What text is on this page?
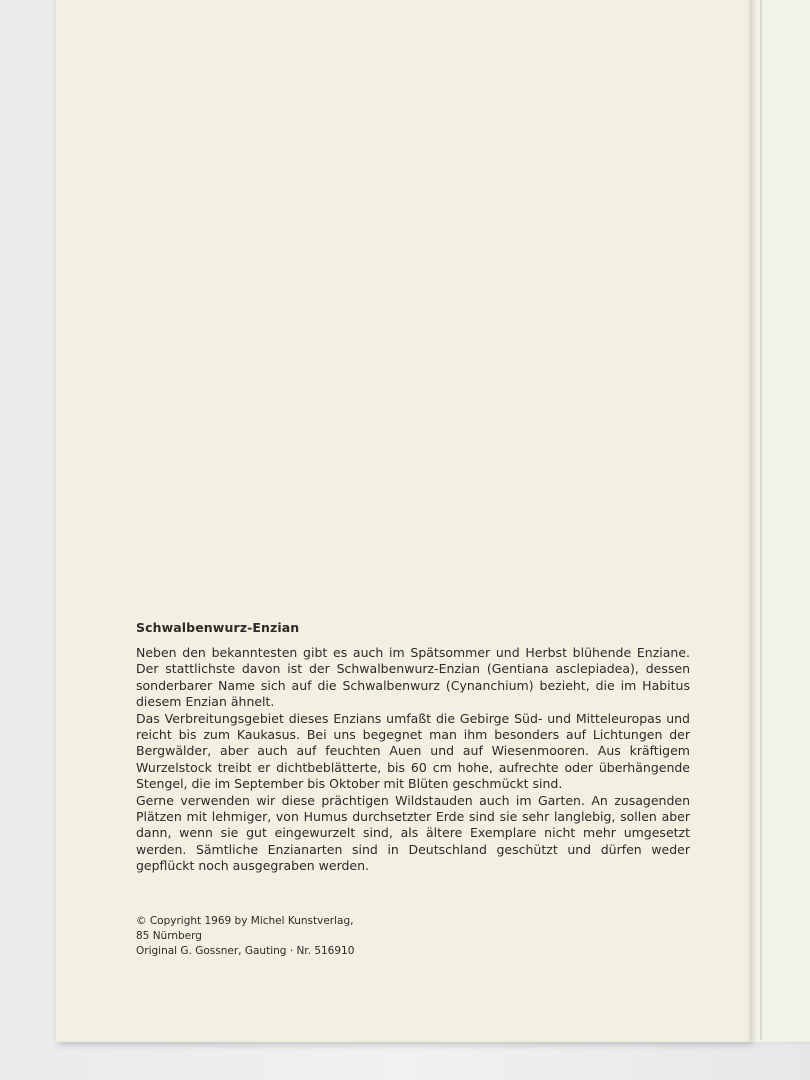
Schwalbenwurz-Enzian

Neben den bekanntesten gibt es auch im Spätsommer und Herbst blühende Enziane. Der stattlichste davon ist der Schwalbenwurz-Enzian (Gentiana asclepiadea), dessen sonderbarer Name sich auf die Schwalbenwurz (Cynanchium) bezieht, die im Habitus diesem Enzian ähnelt.

Das Verbreitungsgebiet dieses Enzians umfaßt die Gebirge Süd- und Mitteleuropas und reicht bis zum Kaukasus. Bei uns begegnet man ihm besonders auf Lichtungen der Bergwälder, aber auch auf feuchten Auen und auf Wiesenmooren. Aus kräftigem Wurzelstock treibt er dichtbeblätterte, bis 60 cm hohe, aufrechte oder überhängende Stengel, die im September bis Oktober mit Blüten geschmückt sind.

Gerne verwenden wir diese prächtigen Wildstauden auch im Garten. An zusagenden Plätzen mit lehmiger, von Humus durchsetzter Erde sind sie sehr langlebig, sollen aber dann, wenn sie gut eingewurzelt sind, als ältere Exemplare nicht mehr umgesetzt werden. Sämtliche Enzianarten sind in Deutschland geschützt und dürfen weder gepflückt noch ausgegraben werden.

© Copyright 1969 by Michel Kunstverlag,
85 Nürnberg
Original G. Gossner, Gauting · Nr. 516910
